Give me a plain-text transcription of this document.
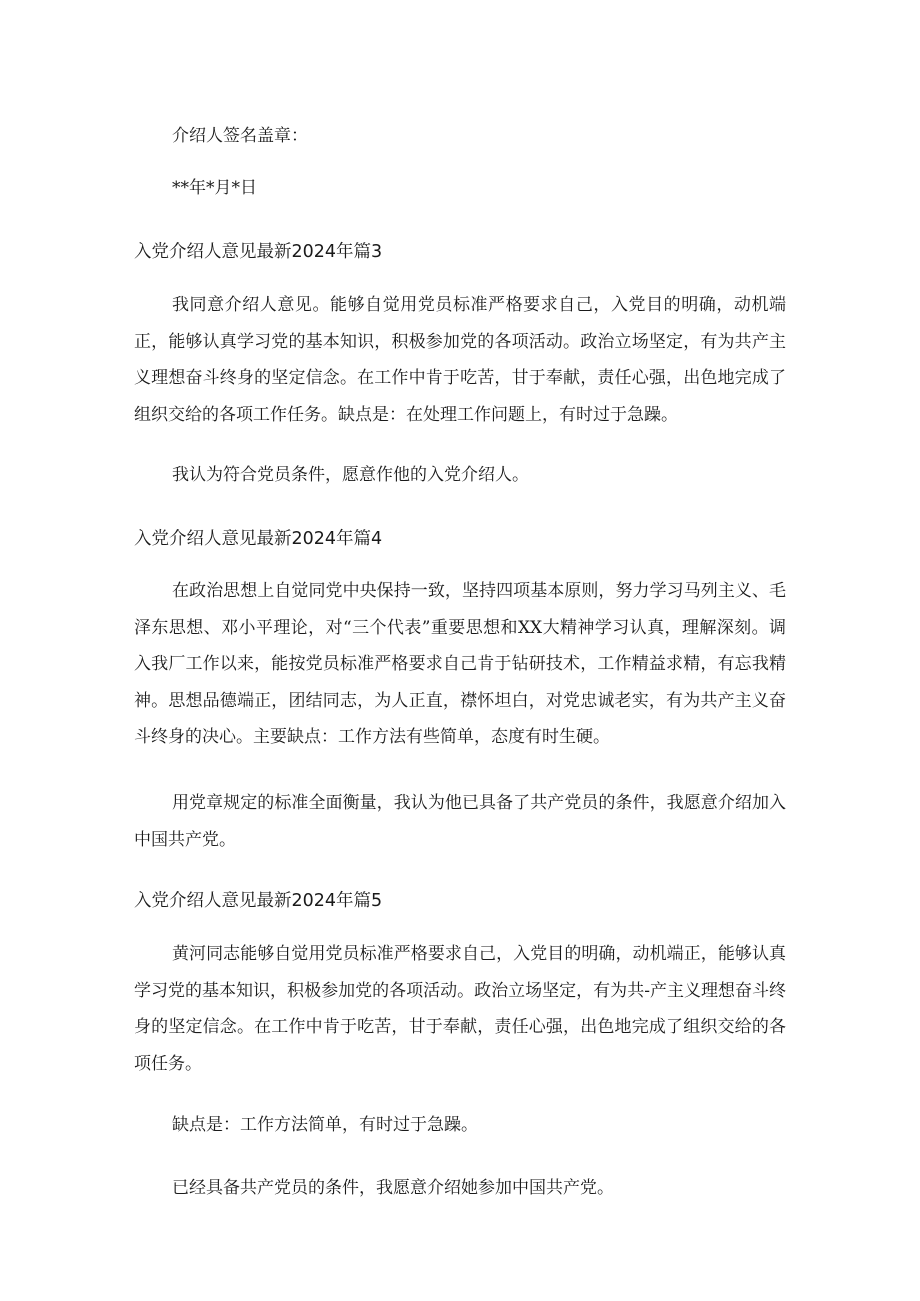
介绍人签名盖章：
**年*月*日
入党介绍人意见最新2024年篇3
我同意介绍人意见。能够自觉用党员标准严格要求自己，入党目的明确，动机端正，能够认真学习党的基本知识，积极参加党的各项活动。政治立场坚定，有为共产主义理想奋斗终身的坚定信念。在工作中肯于吃苦，甘于奉献，责任心强，出色地完成了组织交给的各项工作任务。缺点是：在处理工作问题上，有时过于急躁。
我认为符合党员条件，愿意作他的入党介绍人。
入党介绍人意见最新2024年篇4
在政治思想上自觉同党中央保持一致，坚持四项基本原则，努力学习马列主义、毛泽东思想、邓小平理论，对“三个代表”重要思想和XX大精神学习认真，理解深刻。调入我厂工作以来，能按党员标准严格要求自己肯于钻研技术，工作精益求精，有忘我精神。思想品德端正，团结同志，为人正直，襟怀坦白，对党忠诚老实，有为共产主义奋斗终身的决心。主要缺点：工作方法有些简单，态度有时生硬。
用党章规定的标准全面衡量，我认为他已具备了共产党员的条件，我愿意介绍加入中国共产党。
入党介绍人意见最新2024年篇5
黄河同志能够自觉用党员标准严格要求自己，入党目的明确，动机端正，能够认真学习党的基本知识，积极参加党的各项活动。政治立场坚定，有为共-产主义理想奋斗终身的坚定信念。在工作中肯于吃苦，甘于奉献，责任心强，出色地完成了组织交给的各项任务。
缺点是：工作方法简单，有时过于急躁。
已经具备共产党员的条件，我愿意介绍她参加中国共产党。
